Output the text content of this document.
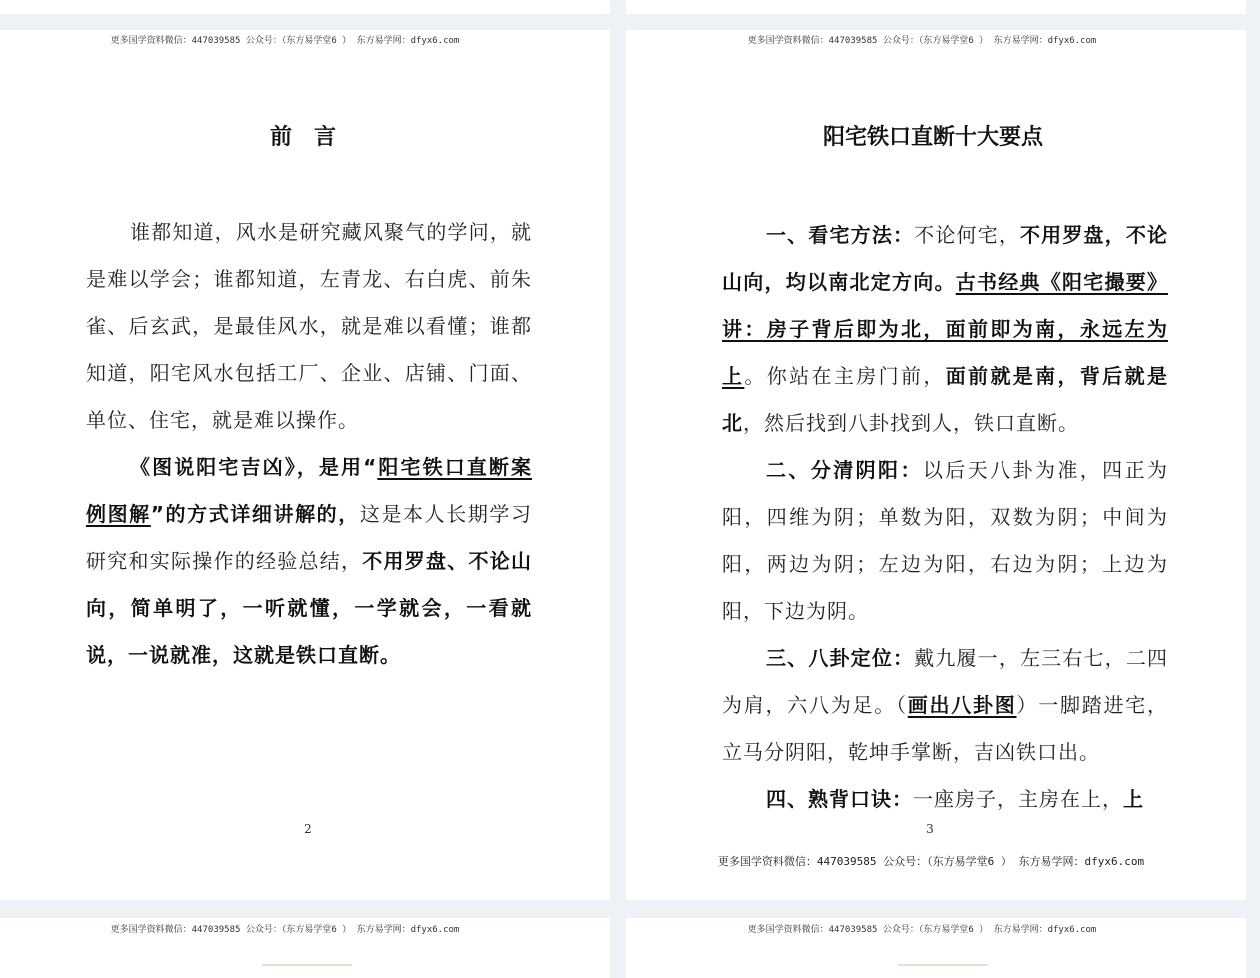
更多国学资料微信：447039585 公众号：（东方易学堂6 ） 东方易学网：dfyx6.com
前　言

谁都知道，风水是研究藏风聚气的学问，就是难以学会；谁都知道，左青龙、右白虎、前朱雀、后玄武，是最佳风水，就是难以看懂；谁都知道，阳宅风水包括工厂、企业、店铺、门面、单位、住宅，就是难以操作。

《图说阳宅吉凶》，是用“阳宅铁口直断案例图解”的方式详细讲解的，这是本人长期学习研究和实际操作的经验总结，不用罗盘、不论山向，简单明了，一听就懂，一学就会，一看就说，一说就准，这就是铁口直断。

2
更多国学资料微信：447039585 公众号：（东方易学堂6 ） 东方易学网：dfyx6.com
阳宅铁口直断十大要点

一、看宅方法：不论何宅，不用罗盘，不论山向，均以南北定方向。古书经典《阳宅撮要》讲：房子背后即为北，面前即为南，永远左为上。你站在主房门前，面前就是南，背后就是北，然后找到八卦找到人，铁口直断。

二、分清阴阳：以后天八卦为准，四正为阳，四维为阴；单数为阳，双数为阴；中间为阳，两边为阴；左边为阳，右边为阴；上边为阳，下边为阴。

三、八卦定位：戴九履一，左三右七，二四为肩，六八为足。（画出八卦图）一脚踏进宅，立马分阴阳，乾坤手掌断，吉凶铁口出。

四、熟背口诀：一座房子，主房在上，上

3
更多国学资料微信：447039585 公众号：（东方易学堂6 ） 东方易学网：dfyx6.com
更多国学资料微信：447039585 公众号：（东方易学堂6 ） 东方易学网：dfyx6.com	更多国学资料微信：447039585 公众号：（东方易学堂6 ） 东方易学网：dfyx6.com
